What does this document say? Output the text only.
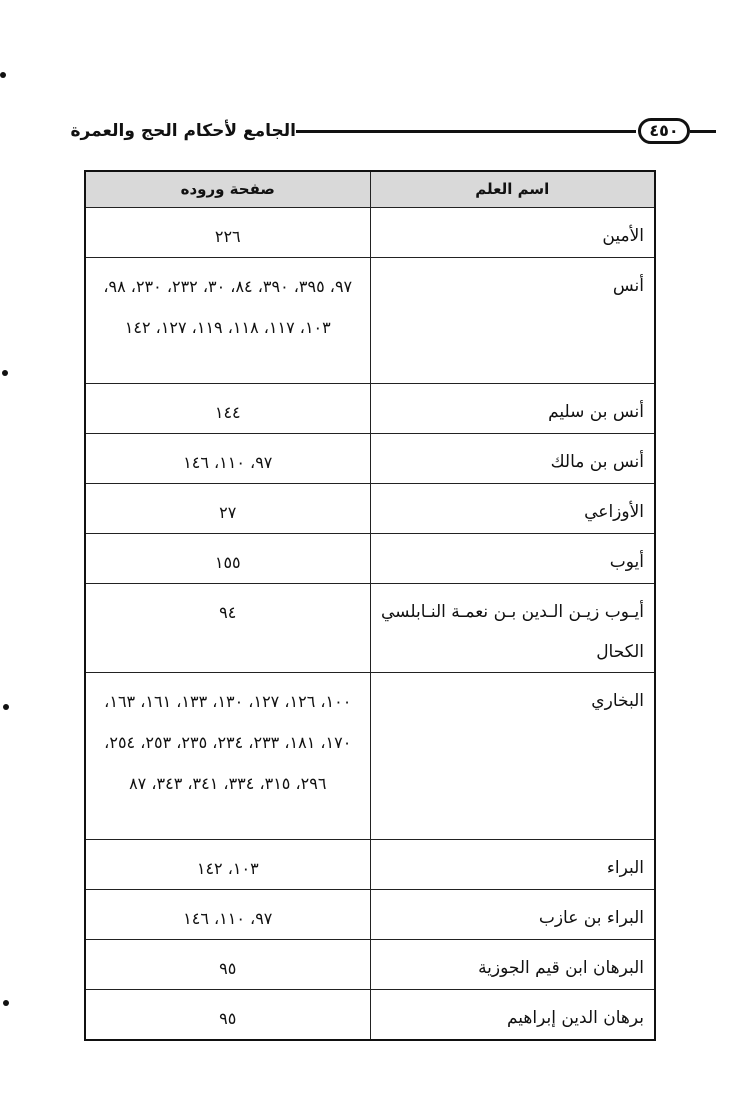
الجامع لأحكام الحج والعمرة	٤٥٠
اسم العلم	صفحة وروده
الأمين	٢٢٦
أنس	٩٧، ٣٩٥، ٣٩٠، ٨٤، ٣٠، ٢٣٢، ٢٣٠، ٩٨، ١٠٣، ١١٧، ١١٨، ١١٩، ١٢٧، ١٤٢
أنس بن سليم	١٤٤
أنس بن مالك	٩٧، ١١٠، ١٤٦
الأوزاعي	٢٧
أيوب	١٥٥
أيـوب زيـن الـدين بـن نعمـة النـابلسي الكحال	٩٤
البخاري	١٠٠، ١٢٦، ١٢٧، ١٣٠، ١٣٣، ١٦١، ١٦٣، ١٧٠، ١٨١، ٢٣٣، ٢٣٤، ٢٣٥، ٢٥٣، ٢٥٤، ٢٩٦، ٣١٥، ٣٣٤، ٣٤١، ٣٤٣، ٨٧
البراء	١٠٣، ١٤٢
البراء بن عازب	٩٧، ١١٠، ١٤٦
البرهان ابن قيم الجوزية	٩٥
برهان الدين إبراهيم	٩٥
